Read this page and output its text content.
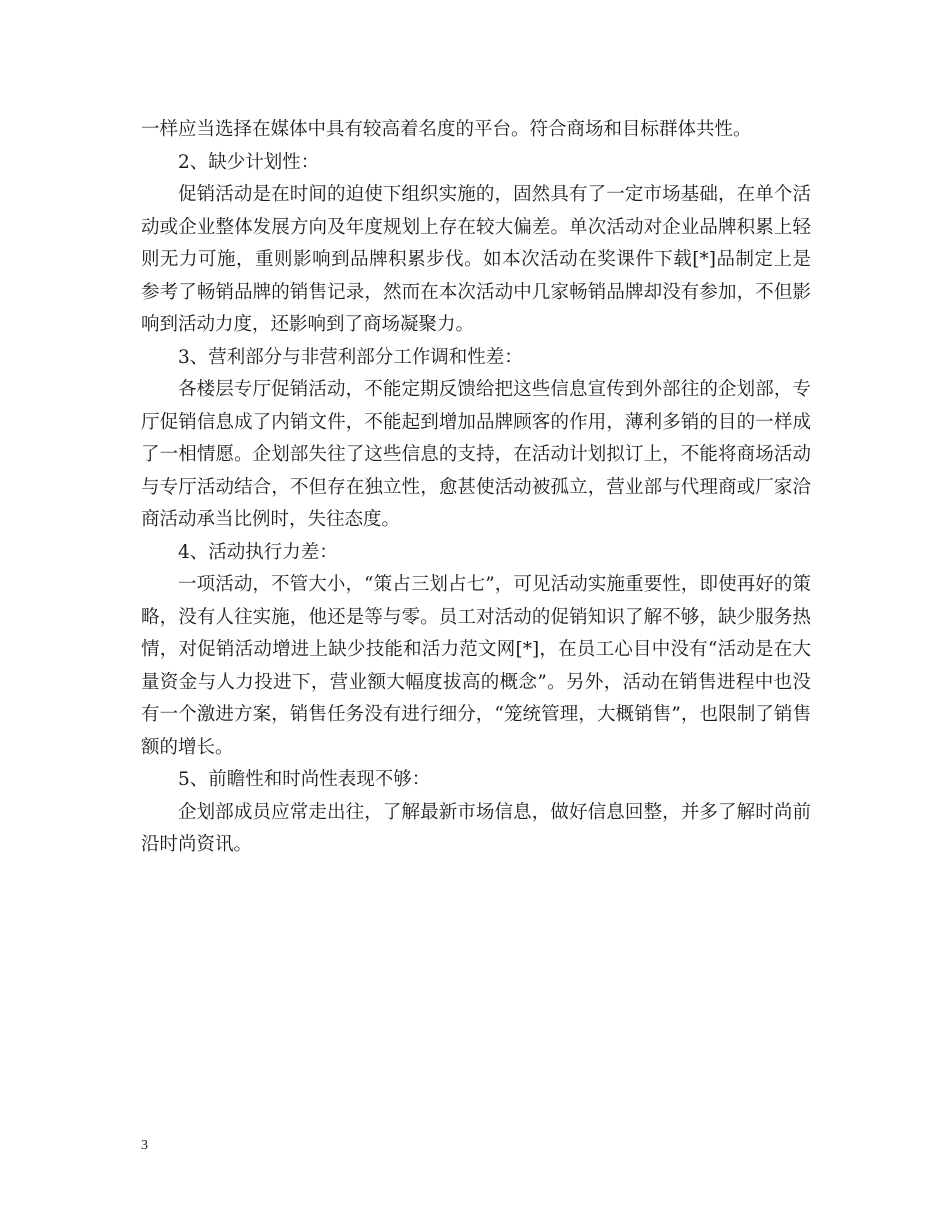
一样应当选择在媒体中具有较高着名度的平台。符合商场和目标群体共性。

2、缺少计划性：

促销活动是在时间的迫使下组织实施的，固然具有了一定市场基础，在单个活动或企业整体发展方向及年度规划上存在较大偏差。单次活动对企业品牌积累上轻则无力可施，重则影响到品牌积累步伐。如本次活动在奖课件下载[*]品制定上是参考了畅销品牌的销售记录，然而在本次活动中几家畅销品牌却没有参加，不但影响到活动力度，还影响到了商场凝聚力。

3、营利部分与非营利部分工作调和性差：

各楼层专厅促销活动，不能定期反馈给把这些信息宣传到外部往的企划部，专厅促销信息成了内销文件，不能起到增加品牌顾客的作用，薄利多销的目的一样成了一相情愿。企划部失往了这些信息的支持，在活动计划拟订上，不能将商场活动与专厅活动结合，不但存在独立性，愈甚使活动被孤立，营业部与代理商或厂家洽商活动承当比例时，失往态度。

4、活动执行力差：

一项活动，不管大小，“策占三划占七”，可见活动实施重要性，即使再好的策略，没有人往实施，他还是等与零。员工对活动的促销知识了解不够，缺少服务热情，对促销活动增进上缺少技能和活力范文网[*]，在员工心目中没有“活动是在大量资金与人力投进下，营业额大幅度拔高的概念”。另外，活动在销售进程中也没有一个激进方案，销售任务没有进行细分，“笼统管理，大概销售”，也限制了销售额的增长。

5、前瞻性和时尚性表现不够：

企划部成员应常走出往，了解最新市场信息，做好信息回整，并多了解时尚前沿时尚资讯。

3
